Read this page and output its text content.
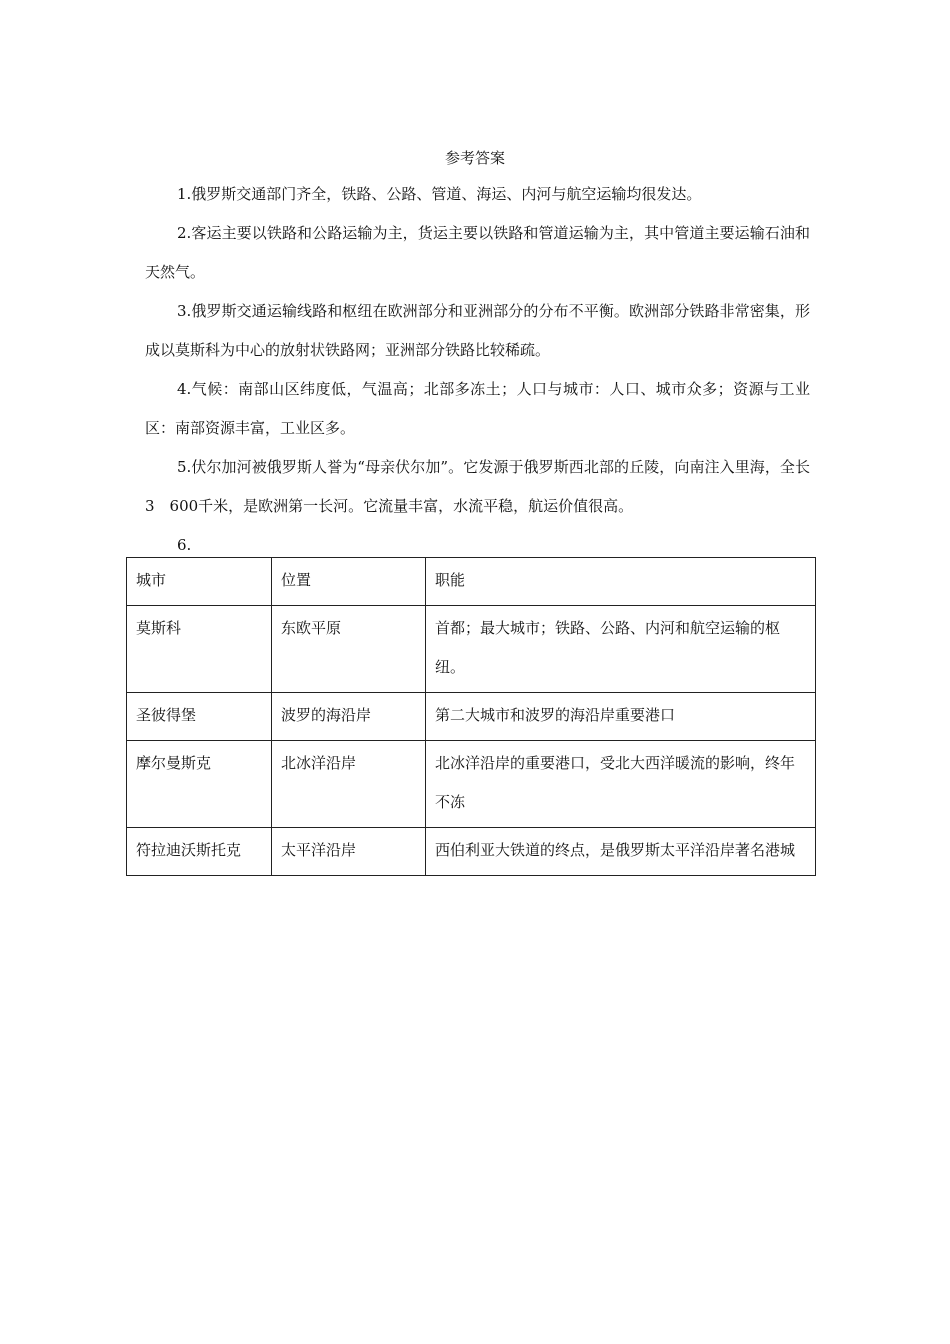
参考答案

1.俄罗斯交通部门齐全，铁路、公路、管道、海运、内河与航空运输均很发达。

2.客运主要以铁路和公路运输为主，货运主要以铁路和管道运输为主，其中管道主要运输石油和天然气。

3.俄罗斯交通运输线路和枢纽在欧洲部分和亚洲部分的分布不平衡。欧洲部分铁路非常密集，形成以莫斯科为中心的放射状铁路网；亚洲部分铁路比较稀疏。

4.气候：南部山区纬度低，气温高；北部多冻土；人口与城市：人口、城市众多；资源与工业区：南部资源丰富，工业区多。

5.伏尔加河被俄罗斯人誉为“母亲伏尔加”。它发源于俄罗斯西北部的丘陵，向南注入里海，全长3　600千米，是欧洲第一长河。它流量丰富，水流平稳，航运价值很高。

6.

城市	位置	职能
莫斯科	东欧平原	首都；最大城市；铁路、公路、内河和航空运输的枢纽。
圣彼得堡	波罗的海沿岸	第二大城市和波罗的海沿岸重要港口
摩尔曼斯克	北冰洋沿岸	北冰洋沿岸的重要港口，受北大西洋暖流的影响，终年不冻
符拉迪沃斯托克	太平洋沿岸	西伯利亚大铁道的终点，是俄罗斯太平洋沿岸著名港城
